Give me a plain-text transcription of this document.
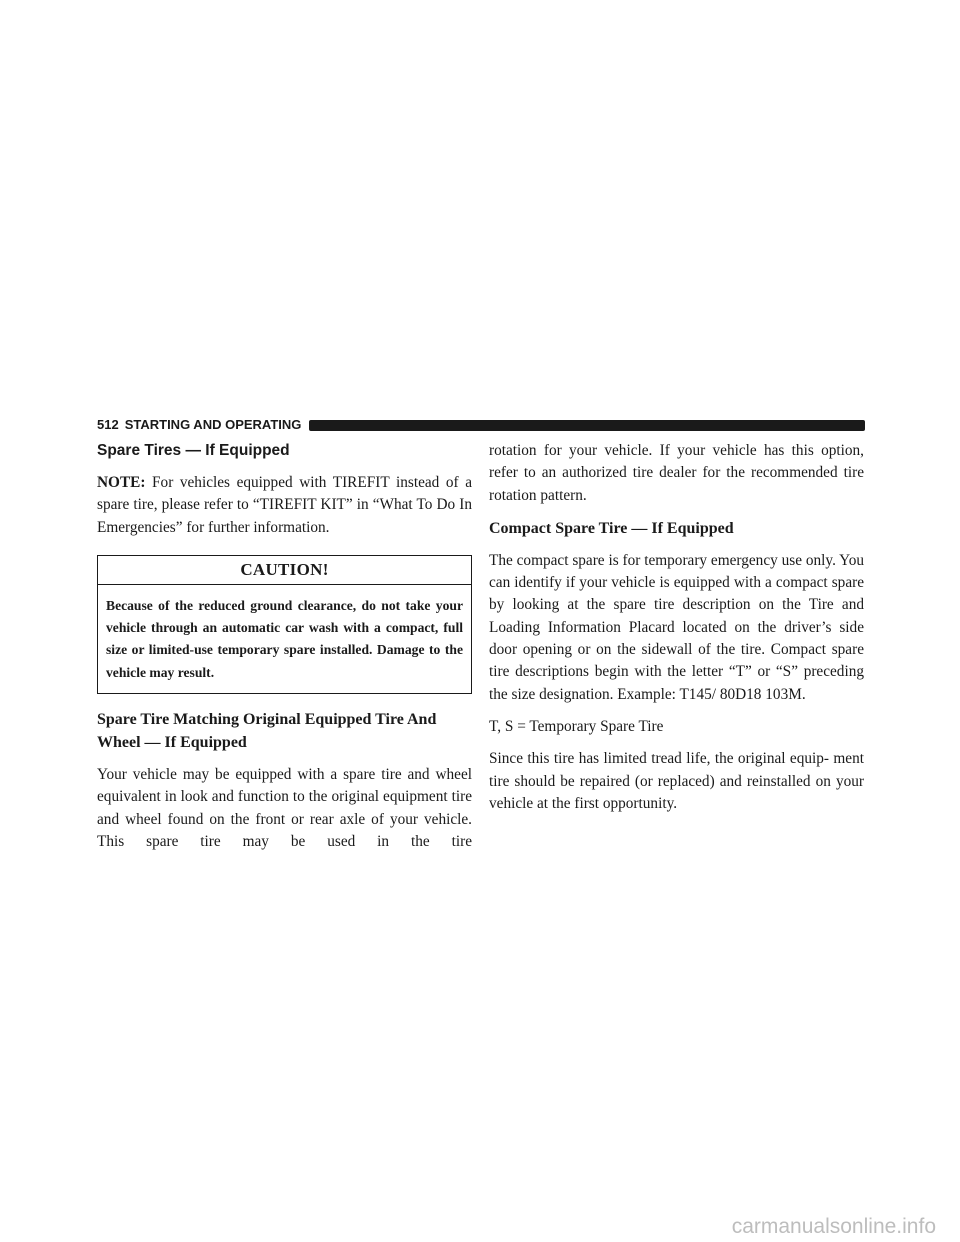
512 STARTING AND OPERATING
Spare Tires — If Equipped

NOTE: For vehicles equipped with TIREFIT instead of a spare tire, please refer to “TIREFIT KIT” in “What To Do In Emergencies” for further information.

CAUTION!
Because of the reduced ground clearance, do not take your vehicle through an automatic car wash with a compact, full size or limited-use temporary spare installed. Damage to the vehicle may result.
Spare Tire Matching Original Equipped Tire And Wheel — If Equipped

Your vehicle may be equipped with a spare tire and wheel equivalent in look and function to the original equipment tire and wheel found on the front or rear axle of your vehicle. This spare tire may be used in the tire

rotation for your vehicle. If your vehicle has this option, refer to an authorized tire dealer for the recommended tire rotation pattern.

Compact Spare Tire — If Equipped

The compact spare is for temporary emergency use only. You can identify if your vehicle is equipped with a compact spare by looking at the spare tire description on the Tire and Loading Information Placard located on the driver’s side door opening or on the sidewall of the tire. Compact spare tire descriptions begin with the letter “T” or “S” preceding the size designation. Example: T145/ 80D18 103M.

T, S = Temporary Spare Tire

Since this tire has limited tread life, the original equip- ment tire should be repaired (or replaced) and reinstalled on your vehicle at the first opportunity.

carmanualsonline.info
